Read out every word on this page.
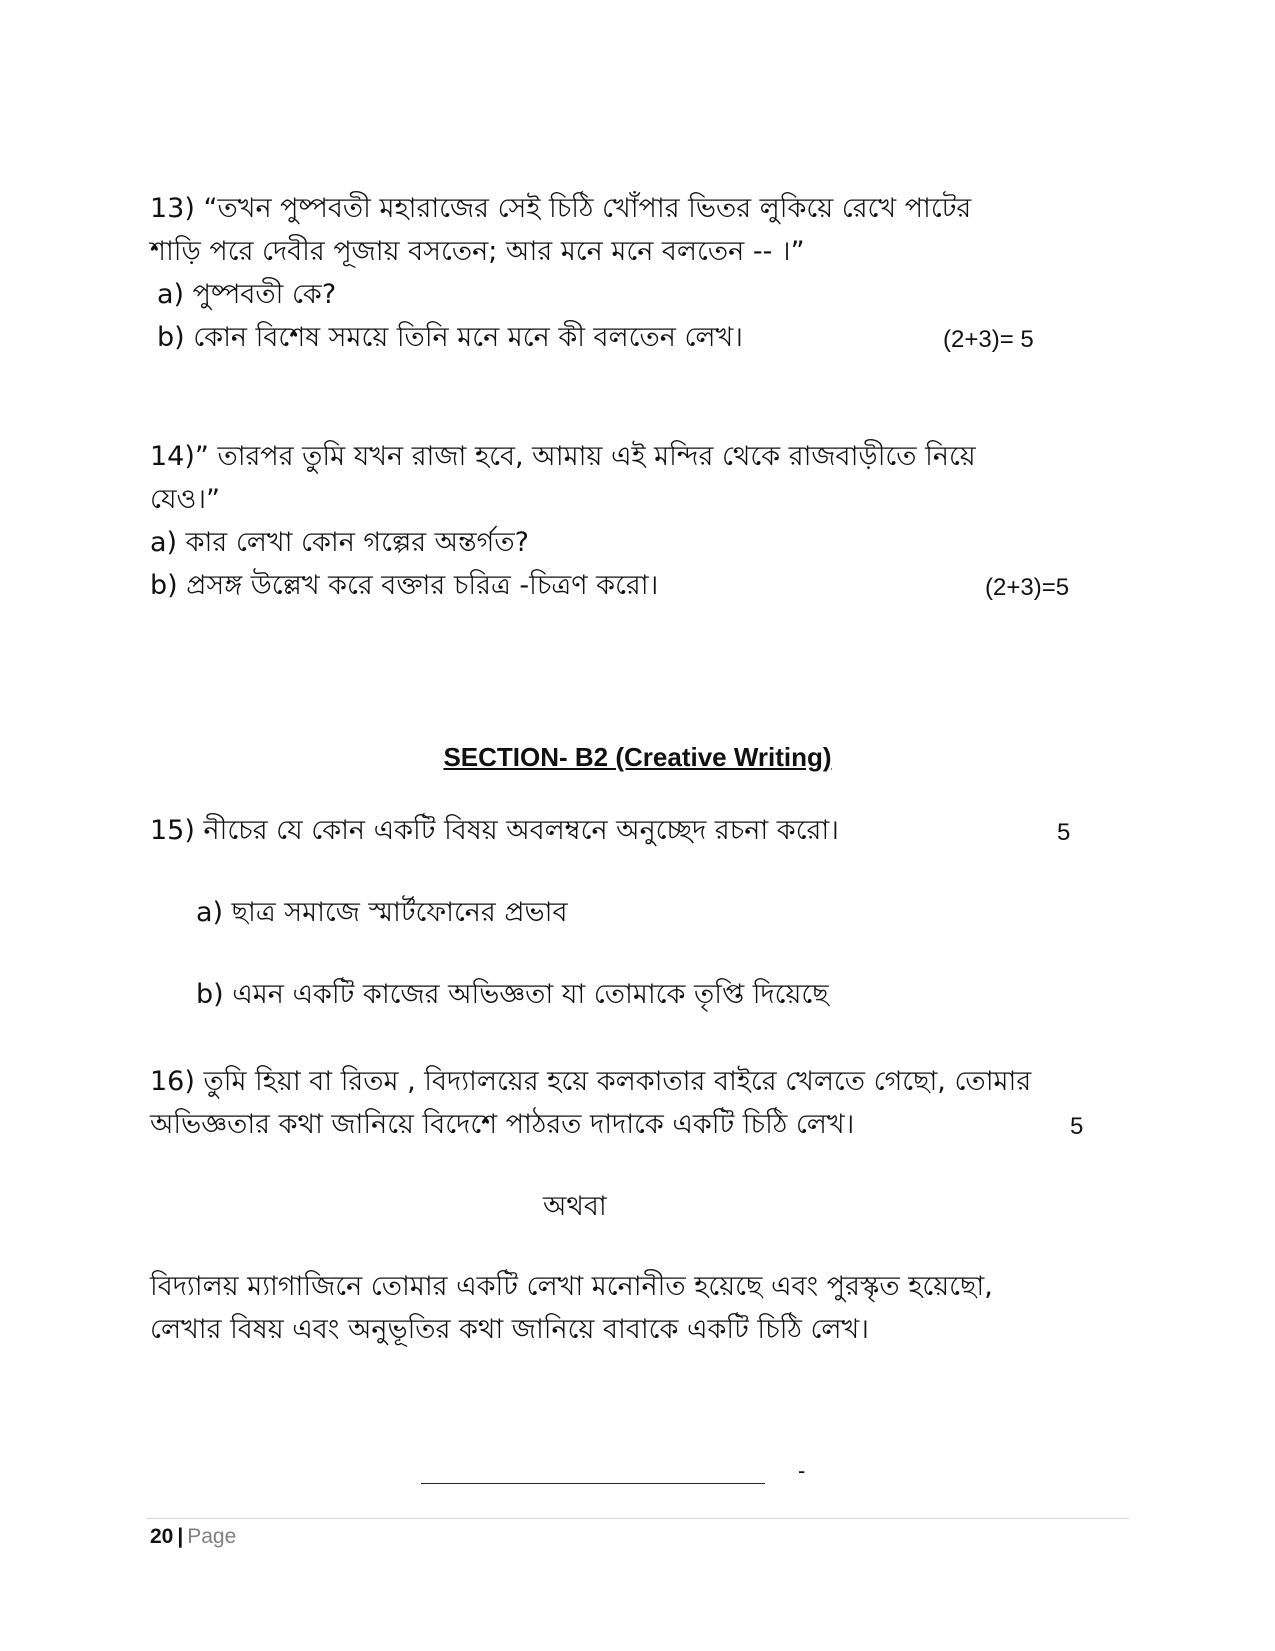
13) “তখন পুষ্পবতী মহারাজের সেই চিঠি খোঁপার ভিতর লুকিয়ে রেখে পাটের
শাড়ি পরে দেবীর পূজায় বসতেন; আর মনে মনে বলতেন -- ।”
a) পুষ্পবতী কে?
b) কোন বিশেষ সময়ে তিনি মনে মনে কী বলতেন লেখ।	(2+3)= 5
14)” তারপর তুমি যখন রাজা হবে, আমায় এই মন্দির থেকে রাজবাড়ীতে নিয়ে
যেও।”
a) কার লেখা কোন গল্পের অন্তর্গত?
b) প্রসঙ্গ উল্লেখ করে বক্তার চরিত্র -চিত্রণ করো।	(2+3)=5
SECTION- B2 (Creative Writing)
15) নীচের যে কোন একটি বিষয় অবলম্বনে অনুচ্ছেদ রচনা করো।	5
a) ছাত্র সমাজে স্মার্টফোনের প্রভাব
b) এমন একটি কাজের অভিজ্ঞতা যা তোমাকে তৃপ্তি দিয়েছে
16) তুমি হিয়া বা রিতম , বিদ্যালয়ের হয়ে কলকাতার বাইরে খেলতে গেছো, তোমার
অভিজ্ঞতার কথা জানিয়ে বিদেশে পাঠরত দাদাকে একটি চিঠি লেখ।	5
অথবা
বিদ্যালয় ম্যাগাজিনে তোমার একটি লেখা মনোনীত হয়েছে এবং পুরস্কৃত হয়েছো,
লেখার বিষয় এবং অনুভূতির কথা জানিয়ে বাবাকে একটি চিঠি লেখ।
-
20 | Page
